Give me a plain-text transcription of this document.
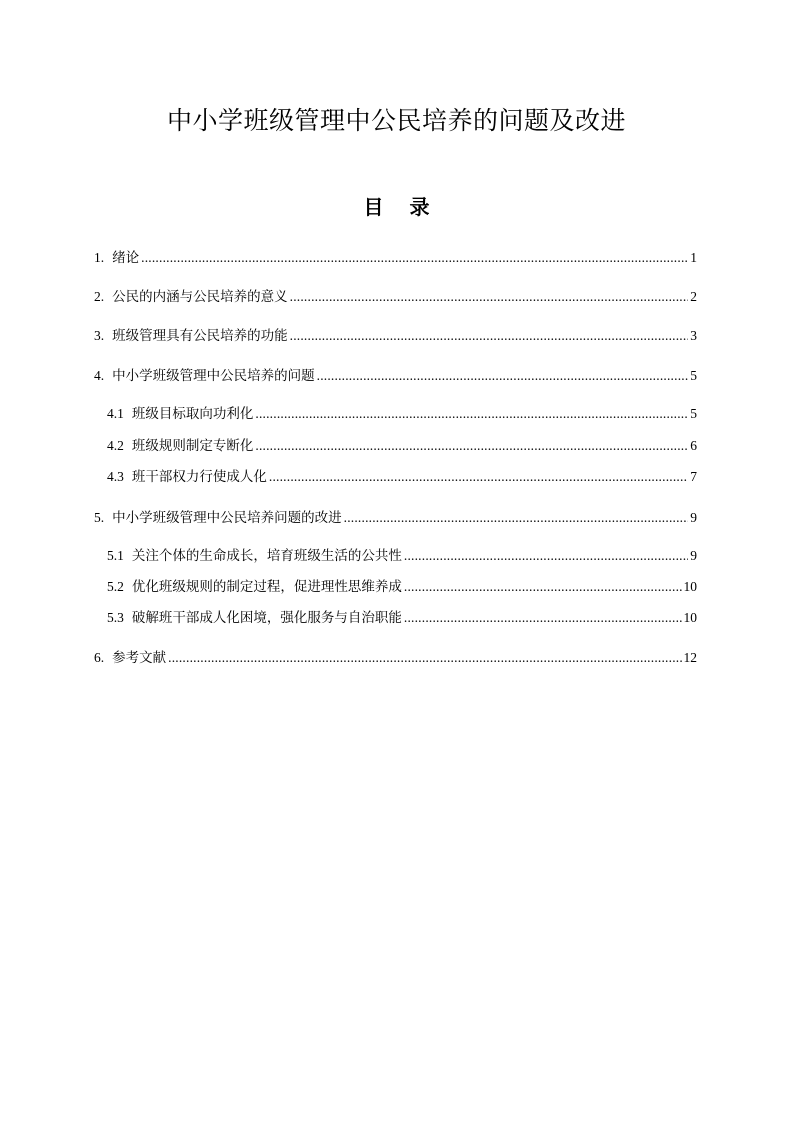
中小学班级管理中公民培养的问题及改进
目 录
1. 绪论 .....	1
2. 公民的内涵与公民培养的意义 .....	2
3. 班级管理具有公民培养的功能 .....	3
4. 中小学班级管理中公民培养的问题 .....	5
4.1 班级目标取向功利化 .....	5
4.2 班级规则制定专断化 .....	6
4.3 班干部权力行使成人化 .....	7
5. 中小学班级管理中公民培养问题的改进 .....	9
5.1 关注个体的生命成长，培育班级生活的公共性 .....	9
5.2 优化班级规则的制定过程，促进理性思维养成 .....	10
5.3 破解班干部成人化困境，强化服务与自治职能 .....	10
6. 参考文献 .....	12
